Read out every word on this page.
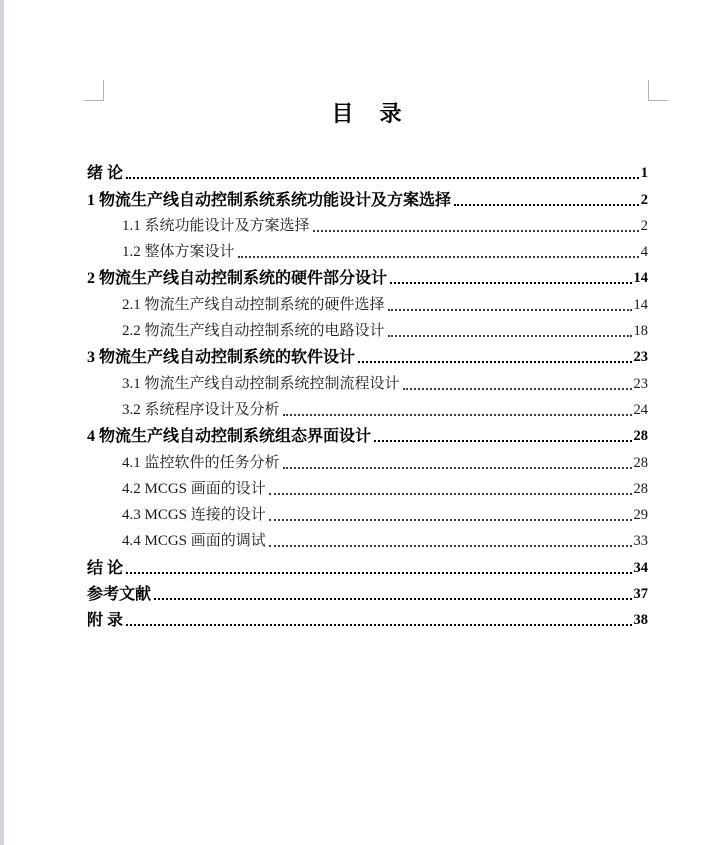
目　录
绪 论	1
1 物流生产线自动控制系统系统功能设计及方案选择	2
1.1 系统功能设计及方案选择	2
1.2 整体方案设计	4
2 物流生产线自动控制系统的硬件部分设计	14
2.1 物流生产线自动控制系统的硬件选择	14
2.2 物流生产线自动控制系统的电路设计	18
3 物流生产线自动控制系统的软件设计	23
3.1 物流生产线自动控制系统控制流程设计	23
3.2 系统程序设计及分析	24
4 物流生产线自动控制系统组态界面设计	28
4.1 监控软件的任务分析	28
4.2 MCGS 画面的设计	28
4.3 MCGS 连接的设计	29
4.4 MCGS 画面的调试	33
结 论	34
参考文献	37
附 录	38
